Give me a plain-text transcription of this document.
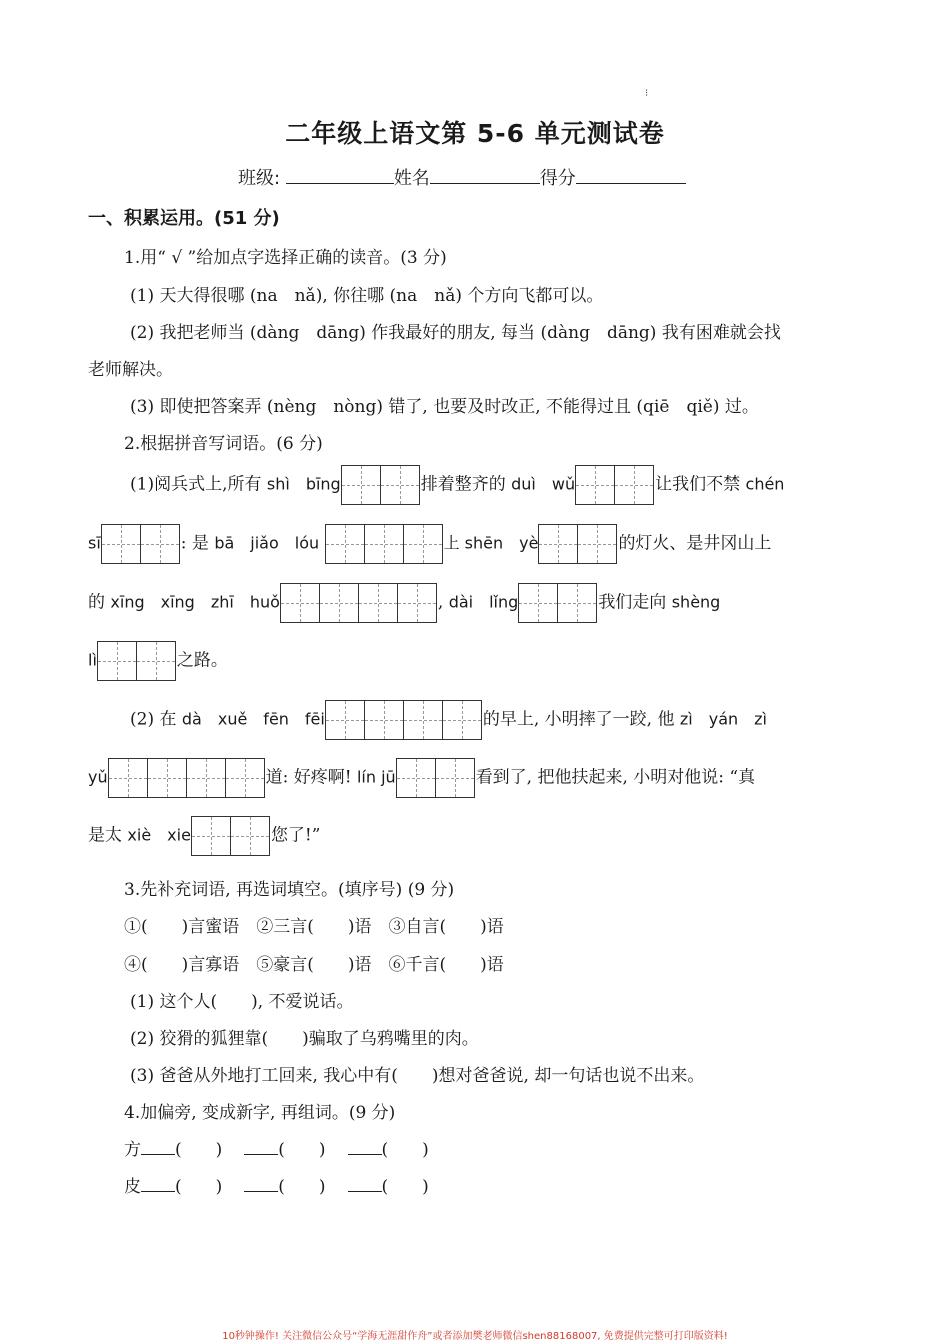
⁝
二年级上语文第 5-6 单元测试卷
班级:	姓名	得分
一、积累运用。(51 分)
1.用“ √ ”给加点字选择正确的读音。(3 分)
(1) 天大得很哪 (na　nǎ), 你往哪 (na　nǎ) 个方向飞都可以。
(2) 我把老师当 (dàng　dāng) 作我最好的朋友, 每当 (dàng　dāng) 我有困难就会找
老师解决。
(3) 即使把答案弄 (nèng　nòng) 错了, 也要及时改正, 不能得过且 (qiē　qiě) 过。
2.根据拼音写词语。(6 分)
(1)阅兵式上,所有 shì　bīng	排着整齐的 duì　wǔ	让我们不禁 chén
sī	: 是 bā　jiǎo　lóu	上 shēn　yè	的灯火、是井冈山上
的 xīng　xīng　zhī　huǒ	, dài　lǐng	我们走向 shèng
lì	之路。
(2) 在 dà　xuě　fēn　fēi	的早上, 小明摔了一跤, 他 zì　yán　zì
yǔ	道: 好疼啊! lín jū	看到了, 把他扶起来, 小明对他说: “真
是太 xiè　xie	您了!”
3.先补充词语, 再选词填空。(填序号) (9 分)
①(　　)言蜜语　②三言(　　)语　③自言(　　)语
④(　　)言寡语　⑤豪言(　　)语　⑥千言(　　)语
(1) 这个人(　　), 不爱说话。
(2) 狡猾的狐狸靠(　　)骗取了乌鸦嘴里的肉。
(3) 爸爸从外地打工回来, 我心中有(　　)想对爸爸说, 却一句话也说不出来。
4.加偏旁, 变成新字, 再组词。(9 分)
方 (　　)	(　　)	(　　)
皮 (　　)	(　　)	(　　)
10秒钟操作! 关注微信公众号“学海无涯甜作舟”或者添加樊老师微信shen88168007, 免费提供完整可打印版资料!
